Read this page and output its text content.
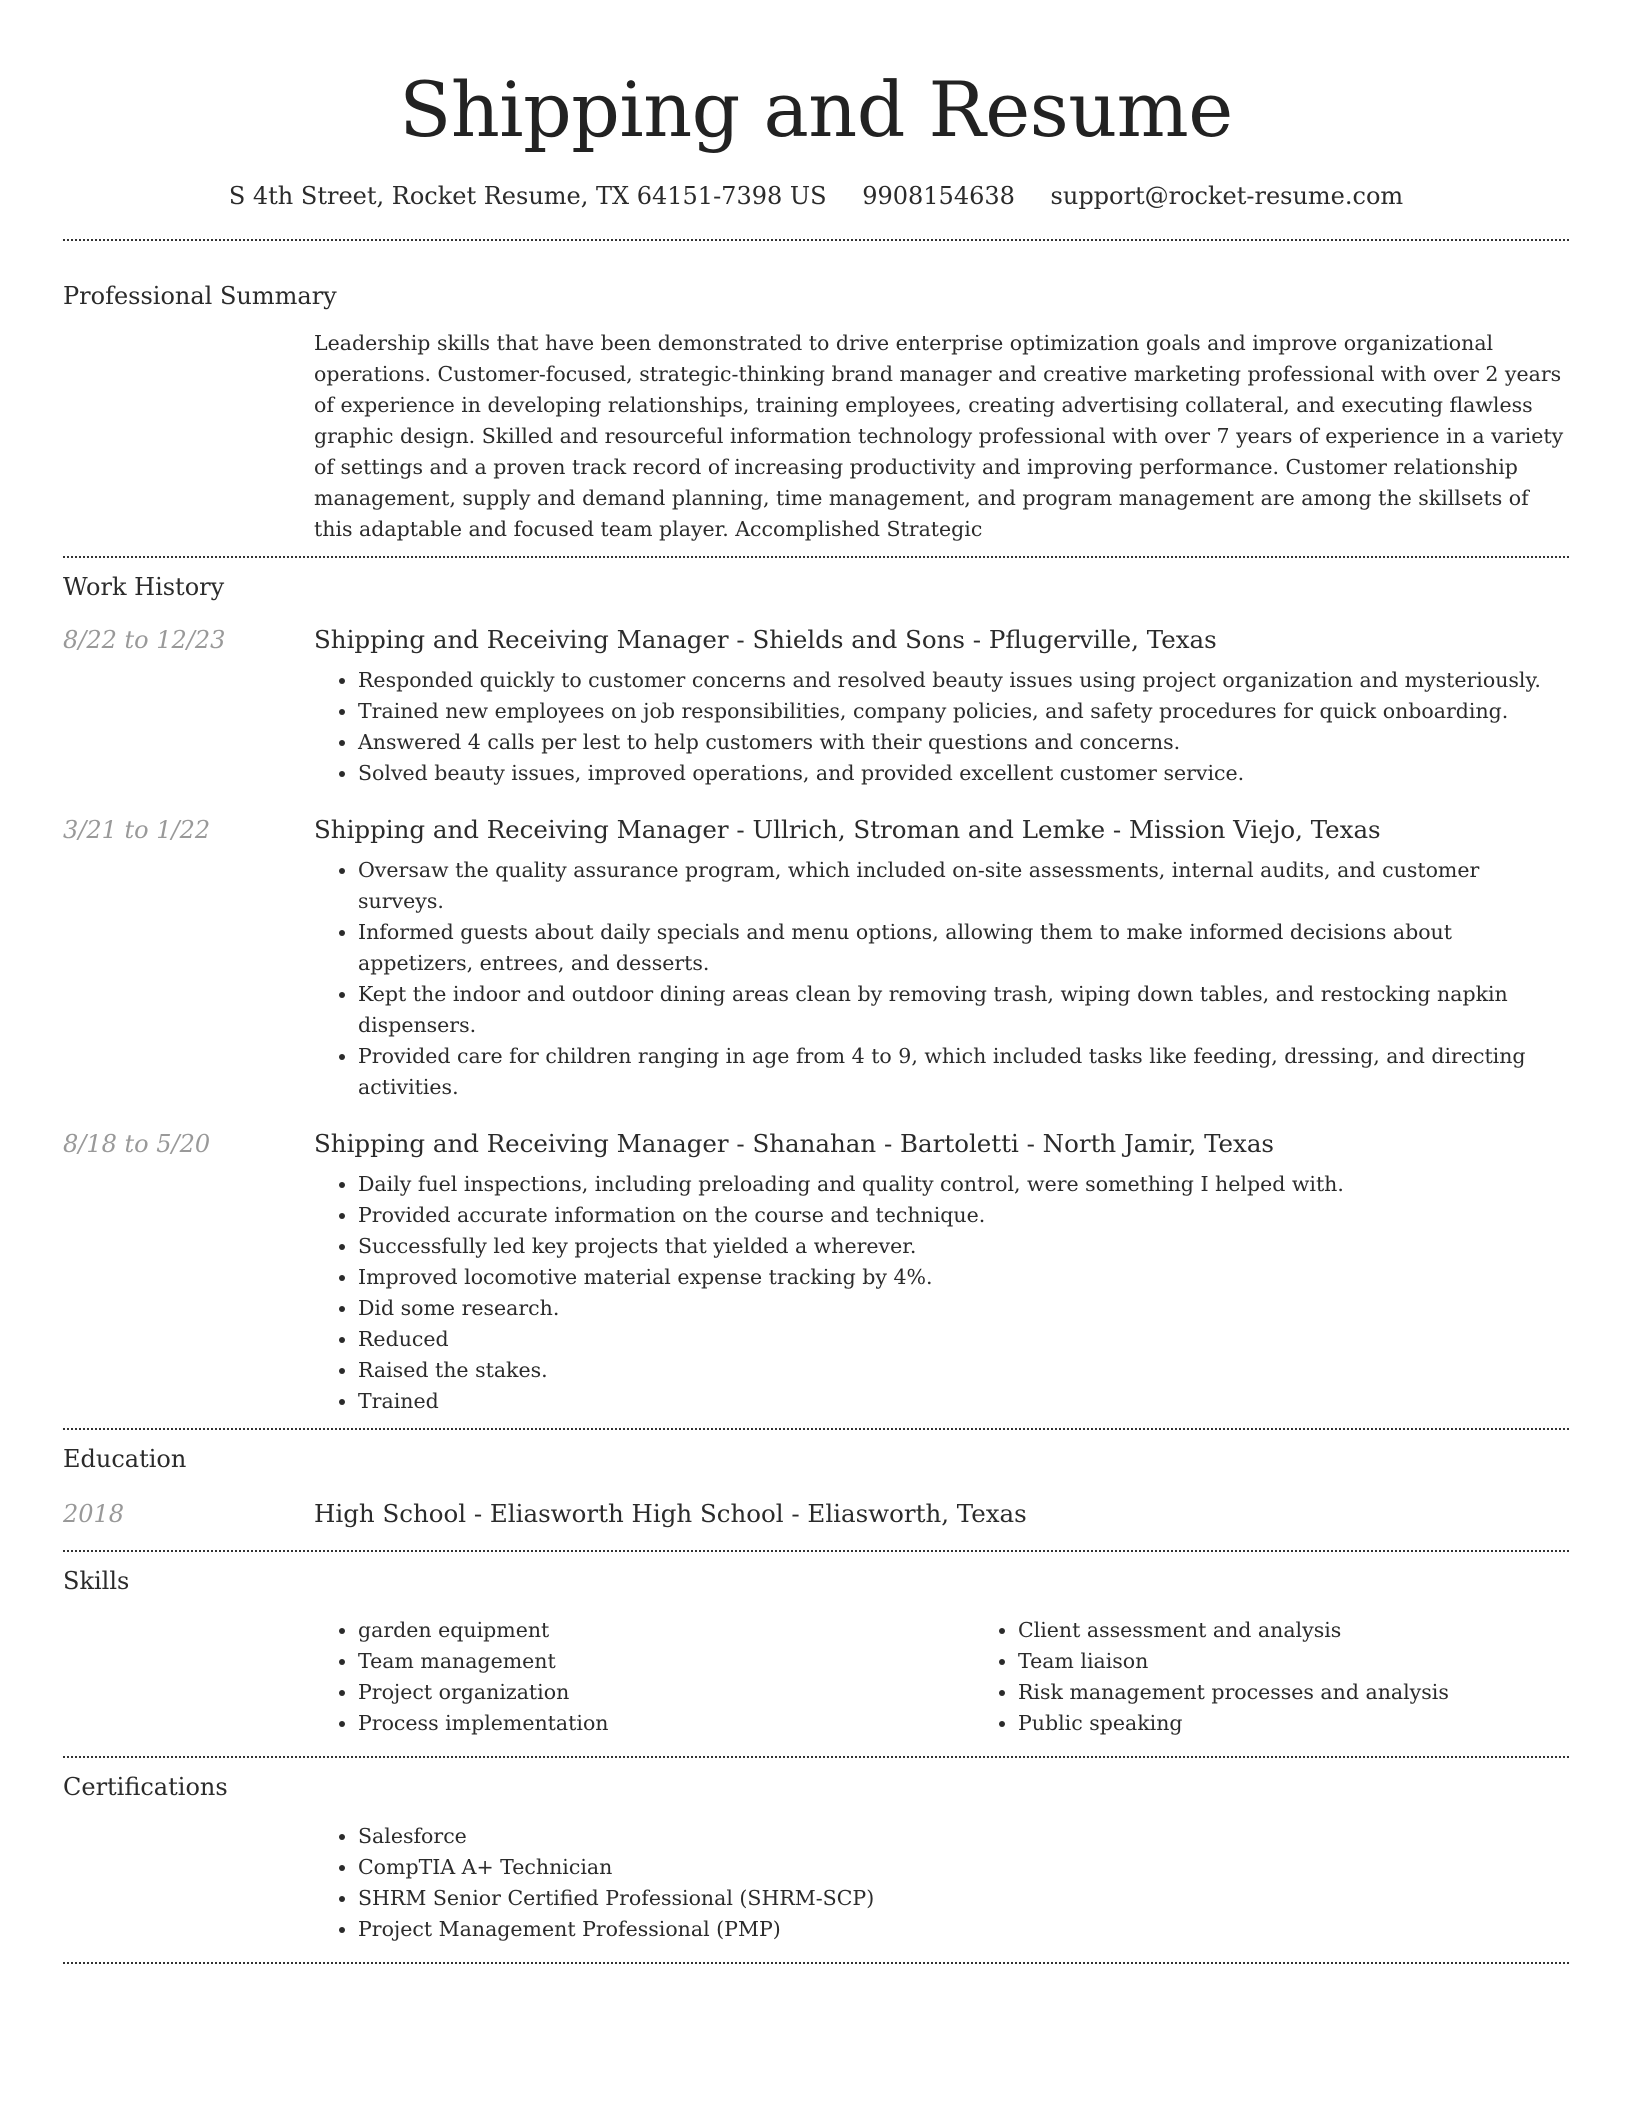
Shipping and Resume
S 4th Street, Rocket Resume, TX 64151-7398 US 9908154638 support@rocket-resume.com
Professional Summary

Leadership skills that have been demonstrated to drive enterprise optimization goals and improve organizational operations. Customer-focused, strategic-thinking brand manager and creative marketing professional with over 2 years of experience in developing relationships, training employees, creating advertising collateral, and executing flawless graphic design. Skilled and resourceful information technology professional with over 7 years of experience in a variety of settings and a proven track record of increasing productivity and improving performance. Customer relationship management, supply and demand planning, time management, and program management are among the skillsets of this adaptable and focused team player. Accomplished Strategic

Work History
8/22 to 12/23	Shipping and Receiving Manager - Shields and Sons - Pflugerville, Texas
• Responded quickly to customer concerns and resolved beauty issues using project organization and mysteriously.
• Trained new employees on job responsibilities, company policies, and safety procedures for quick onboarding.
• Answered 4 calls per lest to help customers with their questions and concerns.
• Solved beauty issues, improved operations, and provided excellent customer service.
3/21 to 1/22	Shipping and Receiving Manager - Ullrich, Stroman and Lemke - Mission Viejo, Texas
• Oversaw the quality assurance program, which included on-site assessments, internal audits, and customer surveys.
• Informed guests about daily specials and menu options, allowing them to make informed decisions about appetizers, entrees, and desserts.
• Kept the indoor and outdoor dining areas clean by removing trash, wiping down tables, and restocking napkin dispensers.
• Provided care for children ranging in age from 4 to 9, which included tasks like feeding, dressing, and directing activities.
8/18 to 5/20	Shipping and Receiving Manager - Shanahan - Bartoletti - North Jamir, Texas
• Daily fuel inspections, including preloading and quality control, were something I helped with.
• Provided accurate information on the course and technique.
• Successfully led key projects that yielded a wherever.
• Improved locomotive material expense tracking by 4%.
• Did some research.
• Reduced
• Raised the stakes.
• Trained
Education
2018	High School - Eliasworth High School - Eliasworth, Texas
Skills
• garden equipment
• Team management
• Project organization
• Process implementation
• Client assessment and analysis
• Team liaison
• Risk management processes and analysis
• Public speaking
Certifications
• Salesforce
• CompTIA A+ Technician
• SHRM Senior Certified Professional (SHRM-SCP)
• Project Management Professional (PMP)
